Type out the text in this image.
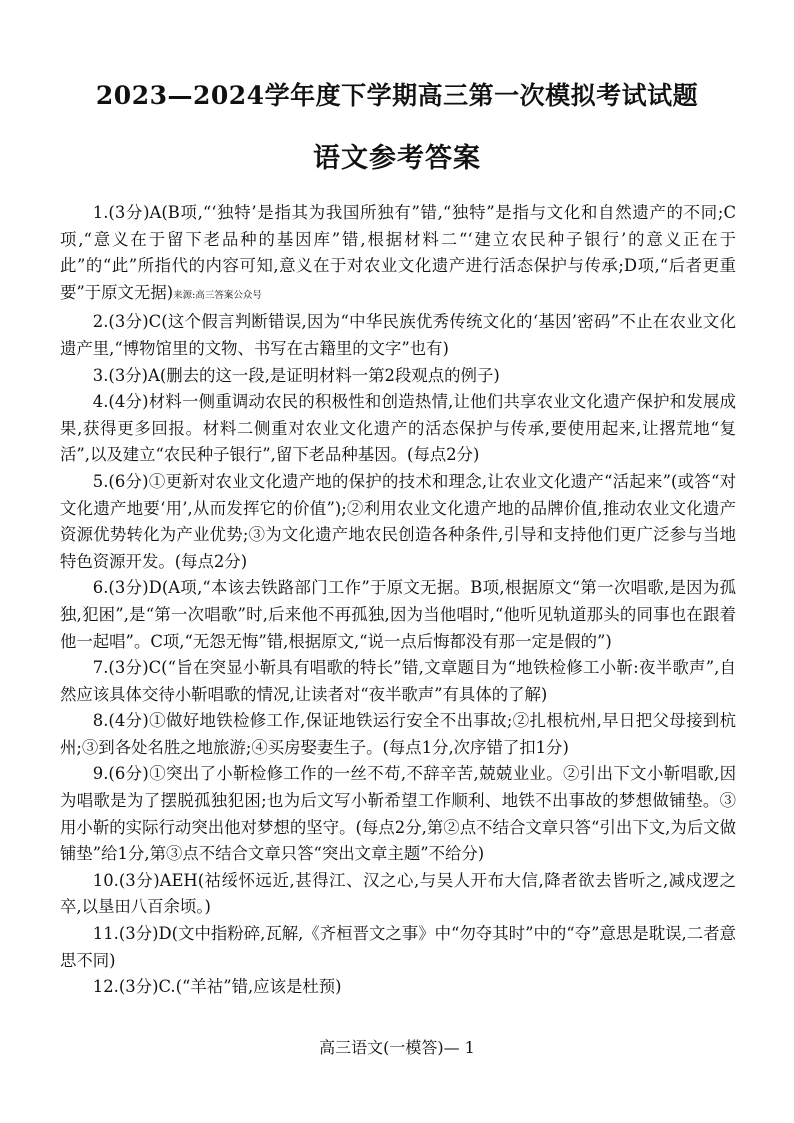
2023—2024学年度下学期高三第一次模拟考试试题
语文参考答案

1.(3分)A(B项,“‘独特’是指其为我国所独有”错,“独特”是指与文化和自然遗产的不同;C项,“意义在于留下老品种的基因库”错,根据材料二“‘建立农民种子银行’的意义正在于此”的“此”所指代的内容可知,意义在于对农业文化遗产进行活态保护与传承;D项,“后者更重要”于原文无据)来源:高三答案公众号

2.(3分)C(这个假言判断错误,因为“中华民族优秀传统文化的‘基因’密码”不止在农业文化遗产里,“博物馆里的文物、书写在古籍里的文字”也有)

3.(3分)A(删去的这一段,是证明材料一第2段观点的例子)

4.(4分)材料一侧重调动农民的积极性和创造热情,让他们共享农业文化遗产保护和发展成果,获得更多回报。材料二侧重对农业文化遗产的活态保护与传承,要使用起来,让撂荒地“复活”,以及建立“农民种子银行”,留下老品种基因。(每点2分)

5.(6分)①更新对农业文化遗产地的保护的技术和理念,让农业文化遗产“活起来”(或答“对文化遗产地要‘用’,从而发挥它的价值”);②利用农业文化遗产地的品牌价值,推动农业文化遗产资源优势转化为产业优势;③为文化遗产地农民创造各种条件,引导和支持他们更广泛参与当地特色资源开发。(每点2分)

6.(3分)D(A项,“本该去铁路部门工作”于原文无据。B项,根据原文“第一次唱歌,是因为孤独,犯困”,是“第一次唱歌”时,后来他不再孤独,因为当他唱时,“他听见轨道那头的同事也在跟着他一起唱”。C项,“无怨无悔”错,根据原文,“说一点后悔都没有那一定是假的”)

7.(3分)C(“旨在突显小靳具有唱歌的特长”错,文章题目为“地铁检修工小靳:夜半歌声”,自然应该具体交待小靳唱歌的情况,让读者对“夜半歌声”有具体的了解)

8.(4分)①做好地铁检修工作,保证地铁运行安全不出事故;②扎根杭州,早日把父母接到杭州;③到各处名胜之地旅游;④买房娶妻生子。(每点1分,次序错了扣1分)

9.(6分)①突出了小靳检修工作的一丝不苟,不辞辛苦,兢兢业业。②引出下文小靳唱歌,因为唱歌是为了摆脱孤独犯困;也为后文写小靳希望工作顺利、地铁不出事故的梦想做铺垫。③用小靳的实际行动突出他对梦想的坚守。(每点2分,第②点不结合文章只答“引出下文,为后文做铺垫”给1分,第③点不结合文章只答“突出文章主题”不给分)

10.(3分)AEH(祜绥怀远近,甚得江、汉之心,与吴人开布大信,降者欲去皆听之,减戍逻之卒,以垦田八百余顷。)

11.(3分)D(文中指粉碎,瓦解,《齐桓晋文之事》中“勿夺其时”中的“夺”意思是耽误,二者意思不同)

12.(3分)C.(“羊祜”错,应该是杜预)

高三语文(一模答)— 1
